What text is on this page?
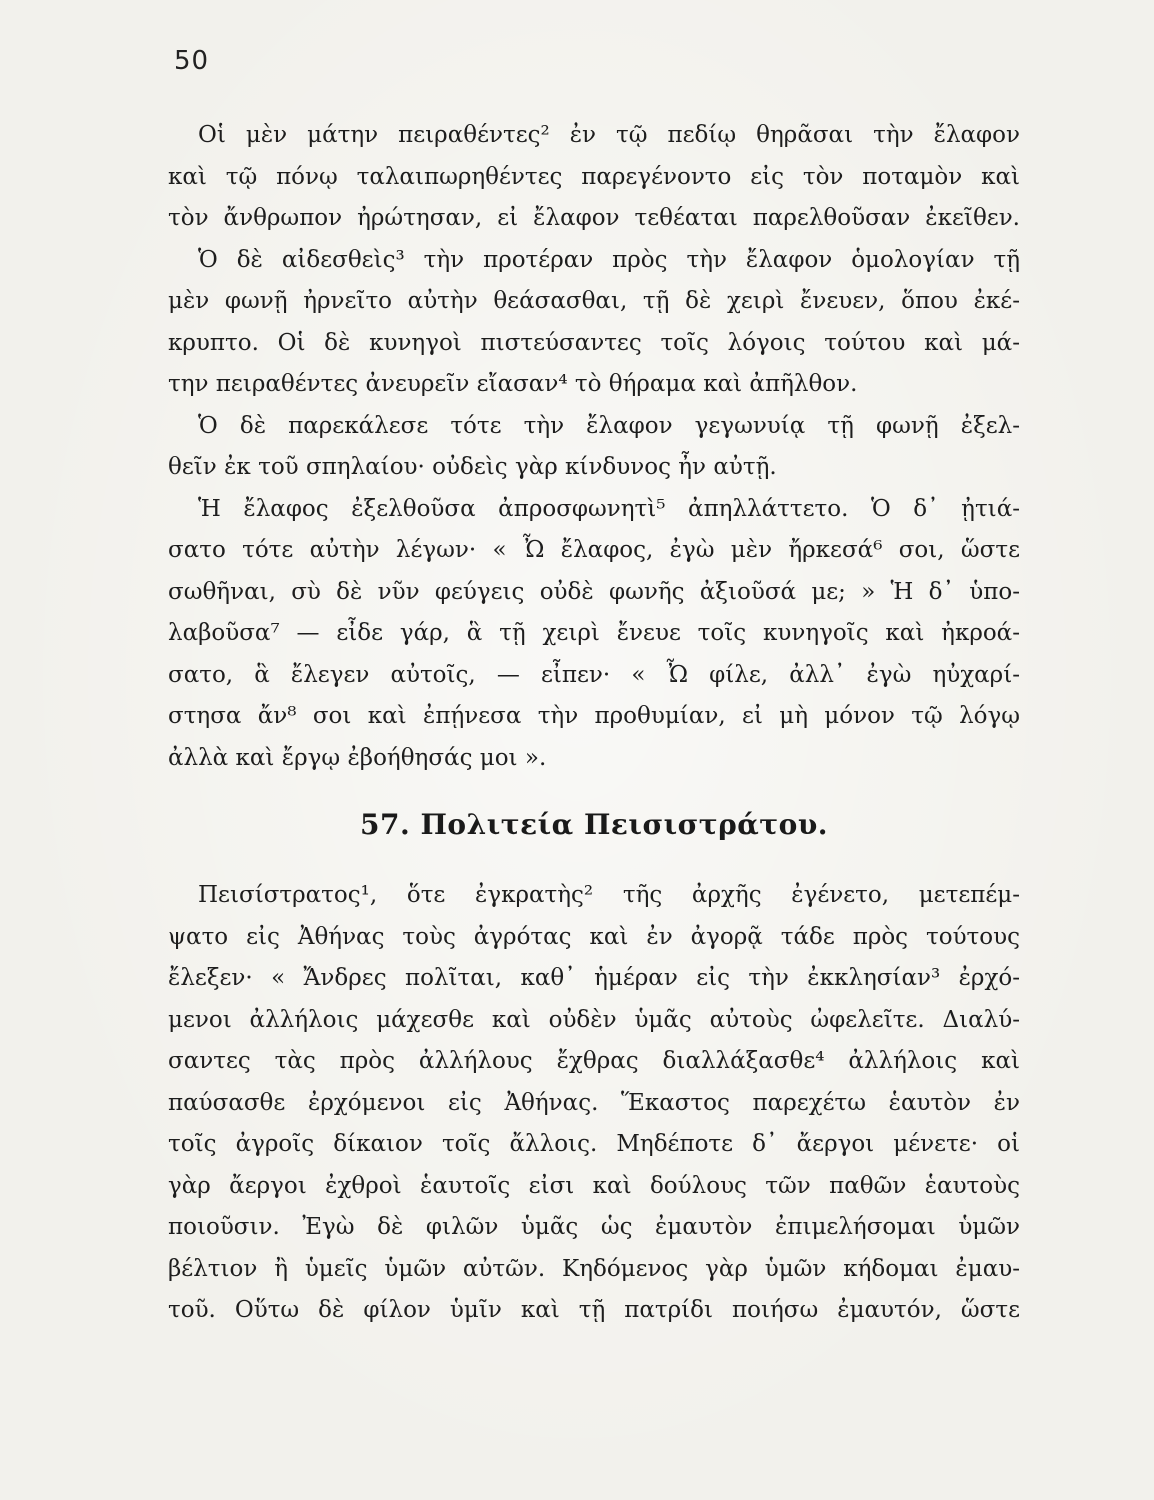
50
Οἱ μὲν μάτην πειραθέντες² ἐν τῷ πεδίῳ θηρᾶσαι τὴν ἔλαφον
καὶ τῷ πόνῳ ταλαιπωρηθέντες παρεγένοντο εἰς τὸν ποταμὸν καὶ
τὸν ἄνθρωπον ἠρώτησαν, εἰ ἔλαφον τεθέαται παρελθοῦσαν ἐκεῖθεν.
Ὁ δὲ αἰδεσθεὶς³ τὴν προτέραν πρὸς τὴν ἔλαφον ὁμολογίαν τῇ
μὲν φωνῇ ἠρνεῖτο αὐτὴν θεάσασθαι, τῇ δὲ χειρὶ ἔνευεν, ὅπου ἐκέ-
κρυπτο. Οἱ δὲ κυνηγοὶ πιστεύσαντες τοῖς λόγοις τούτου καὶ μά-
την πειραθέντες ἀνευρεῖν εἴασαν⁴ τὸ θήραμα καὶ ἀπῆλθον.
Ὁ δὲ παρεκάλεσε τότε τὴν ἔλαφον γεγωνυίᾳ τῇ φωνῇ ἐξελ-
θεῖν ἐκ τοῦ σπηλαίου· οὐδεὶς γὰρ κίνδυνος ἦν αὐτῇ.
Ἡ ἔλαφος ἐξελθοῦσα ἀπροσφωνητὶ⁵ ἀπηλλάττετο. Ὁ δ᾽ ᾐτιά-
σατο τότε αὐτὴν λέγων· « Ὦ ἔλαφος, ἐγὼ μὲν ἤρκεσά⁶ σοι, ὥστε
σωθῆναι, σὺ δὲ νῦν φεύγεις οὐδὲ φωνῆς ἀξιοῦσά με; » Ἡ δ᾽ ὑπο-
λαβοῦσα⁷ — εἶδε γάρ, ἃ τῇ χειρὶ ἔνευε τοῖς κυνηγοῖς καὶ ἠκροά-
σατο, ἃ ἔλεγεν αὐτοῖς, — εἶπεν· « Ὦ φίλε, ἀλλ᾽ ἐγὼ ηὐχαρί-
στησα ἄν⁸ σοι καὶ ἐπῄνεσα τὴν προθυμίαν, εἰ μὴ μόνον τῷ λόγῳ
ἀλλὰ καὶ ἔργῳ ἐβοήθησάς μοι ».
57. Πολιτεία Πεισιστράτου.
Πεισίστρατος¹, ὅτε ἐγκρατὴς² τῆς ἀρχῆς ἐγένετο, μετεπέμ-
ψατο εἰς Ἀθήνας τοὺς ἀγρότας καὶ ἐν ἀγορᾷ τάδε πρὸς τούτους
ἔλεξεν· « Ἄνδρες πολῖται, καθ᾽ ἡμέραν εἰς τὴν ἐκκλησίαν³ ἐρχό-
μενοι ἀλλήλοις μάχεσθε καὶ οὐδὲν ὑμᾶς αὐτοὺς ὠφελεῖτε. Διαλύ-
σαντες τὰς πρὸς ἀλλήλους ἔχθρας διαλλάξασθε⁴ ἀλλήλοις καὶ
παύσασθε ἐρχόμενοι εἰς Ἀθήνας. Ἕκαστος παρεχέτω ἑαυτὸν ἐν
τοῖς ἀγροῖς δίκαιον τοῖς ἄλλοις. Μηδέποτε δ᾽ ἄεργοι μένετε· οἱ
γὰρ ἄεργοι ἐχθροὶ ἑαυτοῖς εἰσι καὶ δούλους τῶν παθῶν ἑαυτοὺς
ποιοῦσιν. Ἐγὼ δὲ φιλῶν ὑμᾶς ὡς ἐμαυτὸν ἐπιμελήσομαι ὑμῶν
βέλτιον ἢ ὑμεῖς ὑμῶν αὐτῶν. Κηδόμενος γὰρ ὑμῶν κήδομαι ἐμαυ-
τοῦ. Οὕτω δὲ φίλον ὑμῖν καὶ τῇ πατρίδι ποιήσω ἐμαυτόν, ὥστε
